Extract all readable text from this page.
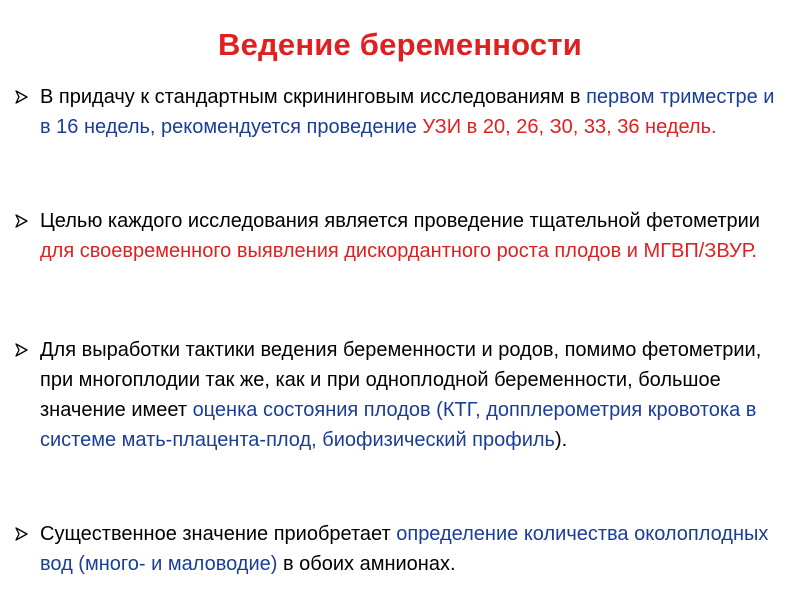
Ведение беременности
В придачу к стандартным скрининговым исследованиям в первом триместре и в 16 недель, рекомендуется проведение УЗИ в 20, 26, З0, 33, 36 недель.
Целью каждого исследования является проведение тщательной фетометрии для своевременного выявления дискордантного роста плодов и МГВП/ЗВУР.
Для выработки тактики ведения беременности и родов, помимо фетометрии, при многоплодии так же, как и при одноплодной беременности, большое значение имеет оценка состояния плодов (КТГ, допплерометрия кровотока в системе мать-плацента-плод, биофизический профиль).
Существенное значение приобретает определение количества околоплодных вод (много- и маловодие) в обоих амнионах.
